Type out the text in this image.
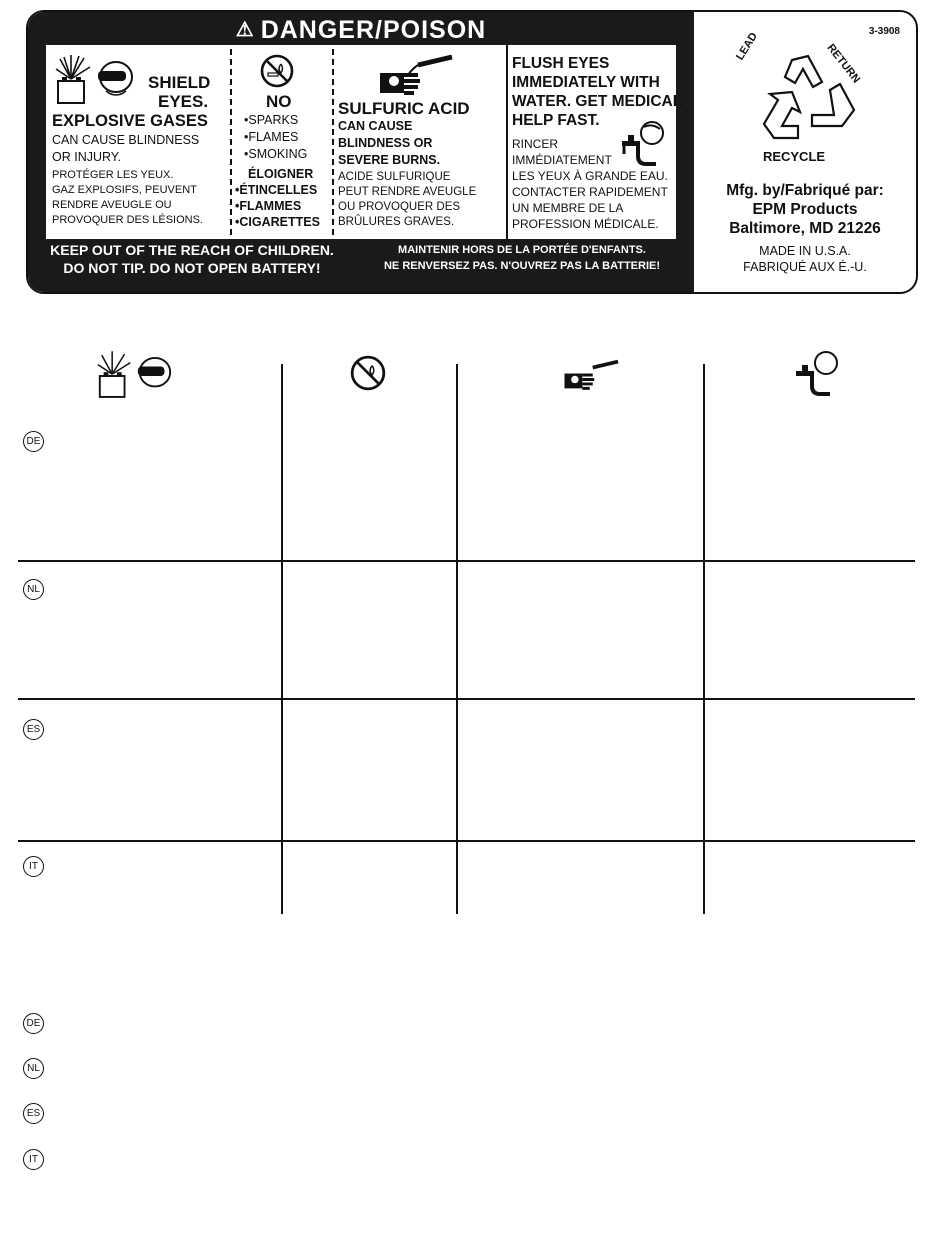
⚠ DANGER/POISON
SHIELD
EYES.
EXPLOSIVE GASES
CAN CAUSE BLINDNESS
OR INJURY.
PROTÉGER LES YEUX.
GAZ EXPLOSIFS, PEUVENT
RENDRE AVEUGLE OU
PROVOQUER DES LÉSIONS.
NO
•SPARKS
•FLAMES
•SMOKING
ÉLOIGNER
•ÉTINCELLES
•FLAMMES
•CIGARETTES
SULFURIC ACID
CAN CAUSE
BLINDNESS OR
SEVERE BURNS.
ACIDE SULFURIQUE
PEUT RENDRE AVEUGLE
OU PROVOQUER DES
BRÛLURES GRAVES.
FLUSH EYES
IMMEDIATELY WITH
WATER. GET MEDICAL
HELP FAST.
RINCER
IMMÉDIATEMENT
LES YEUX À GRANDE EAU.
CONTACTER RAPIDEMENT
UN MEMBRE DE LA
PROFESSION MÉDICALE.
KEEP OUT OF THE REACH OF CHILDREN.
DO NOT TIP. DO NOT OPEN BATTERY!
MAINTENIR HORS DE LA PORTÉE D'ENFANTS.
NE RENVERSEZ PAS. N'OUVREZ PAS LA BATTERIE!
3-3908
LEAD	RETURN
RECYCLE
Mfg. by/Fabriqué par:
EPM Products
Baltimore, MD 21226
MADE IN U.S.A.
FABRIQUÉ AUX É.-U.
DE
NL
ES
IT
DE
NL
ES
IT
